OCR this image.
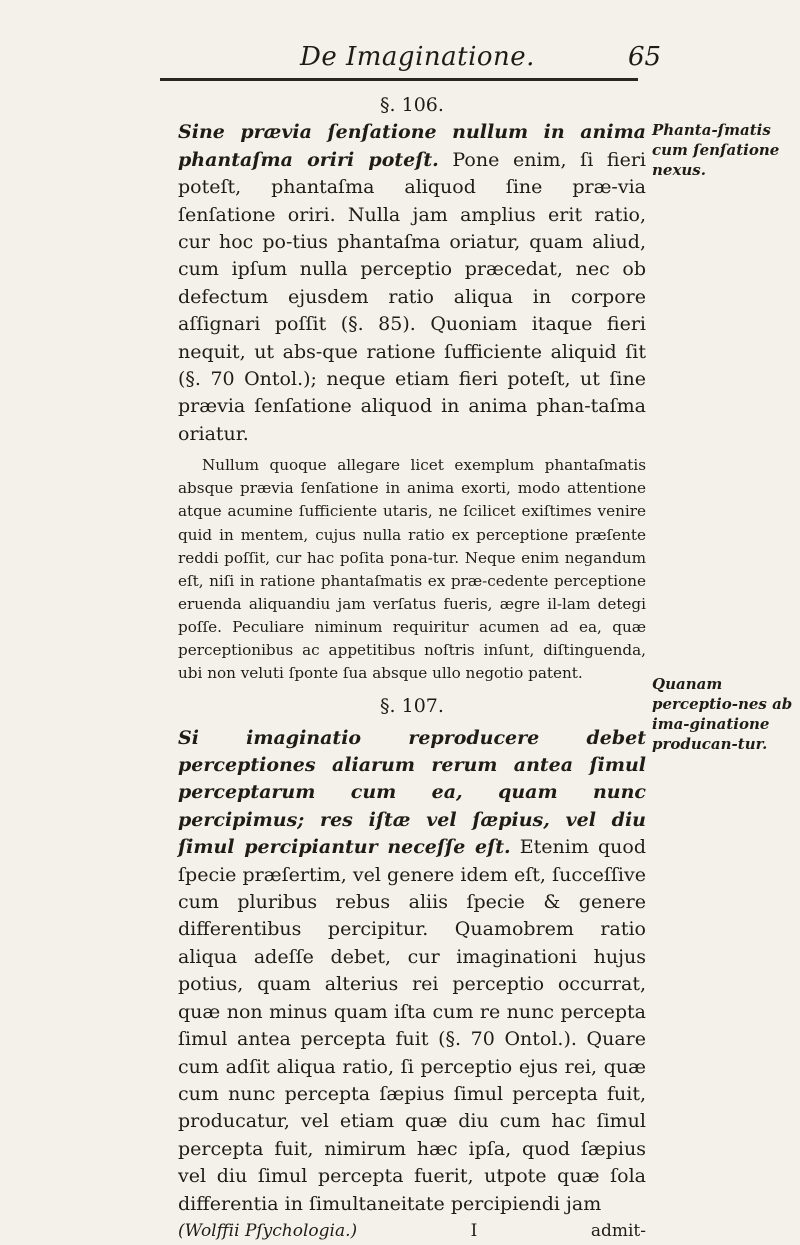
De Imaginatione.	65
Phanta-ſmatis cum ſenſatione nexus.
Quanam perceptio-nes ab ima-ginatione producan-tur.

§. 106.

Sine prævia ſenſatione nullum in anima phantaſma oriri poteſt. Pone enim, ſi fieri poteſt, phantaſma aliquod ſine præ-via ſenſatione oriri. Nulla jam amplius erit ratio, cur hoc po-tius phantaſma oriatur, quam aliud, cum ipſum nulla perceptio præcedat, nec ob defectum ejusdem ratio aliqua in corpore aſſignari poſſit (§. 85). Quoniam itaque fieri nequit, ut abs-que ratione ſufficiente aliquid ſit (§. 70 Ontol.); neque etiam fieri poteſt, ut ſine prævia ſenſatione aliquod in anima phan-taſma oriatur.

Nullum quoque allegare licet exemplum phantaſmatis absque prævia ſenſatione in anima exorti, modo attentione atque acumine ſufficiente utaris, ne ſcilicet exiſtimes venire quid in mentem, cujus nulla ratio ex perceptione præſente reddi poſſit, cur hac poſita pona-tur. Neque enim negandum eſt, niſi in ratione phantaſmatis ex præ-cedente perceptione eruenda aliquandiu jam verſatus fueris, ægre il-lam detegi poſſe. Peculiare niminum requiritur acumen ad ea, quæ perceptionibus ac appetitibus noſtris inſunt, diſtinguenda, ubi non veluti ſponte ſua absque ullo negotio patent.

§. 107.

Si imaginatio reproducere debet perceptiones aliarum rerum antea ſimul perceptarum cum ea, quam nunc percipimus; res iſtæ vel ſæpius, vel diu ſimul percipiantur neceſſe eſt. Etenim quod ſpecie præſertim, vel genere idem eſt, ſucceſſive cum pluribus rebus aliis ſpecie & genere differentibus percipitur. Quamobrem ratio aliqua adeſſe debet, cur imaginationi hujus potius, quam alterius rei perceptio occurrat, quæ non minus quam iſta cum re nunc percepta ſimul antea percepta fuit (§. 70 Ontol.). Quare cum adſit aliqua ratio, ſi perceptio ejus rei, quæ cum nunc percepta ſæpius ſimul percepta fuit, producatur, vel etiam quæ diu cum hac ſimul percepta fuit, nimirum hæc ipſa, quod ſæpius vel diu ſimul percepta fuerit, utpote quæ ſola differentia in ſimultaneitate percipiendi jam

(Wolffii Pſychologia.)	I	admit-
